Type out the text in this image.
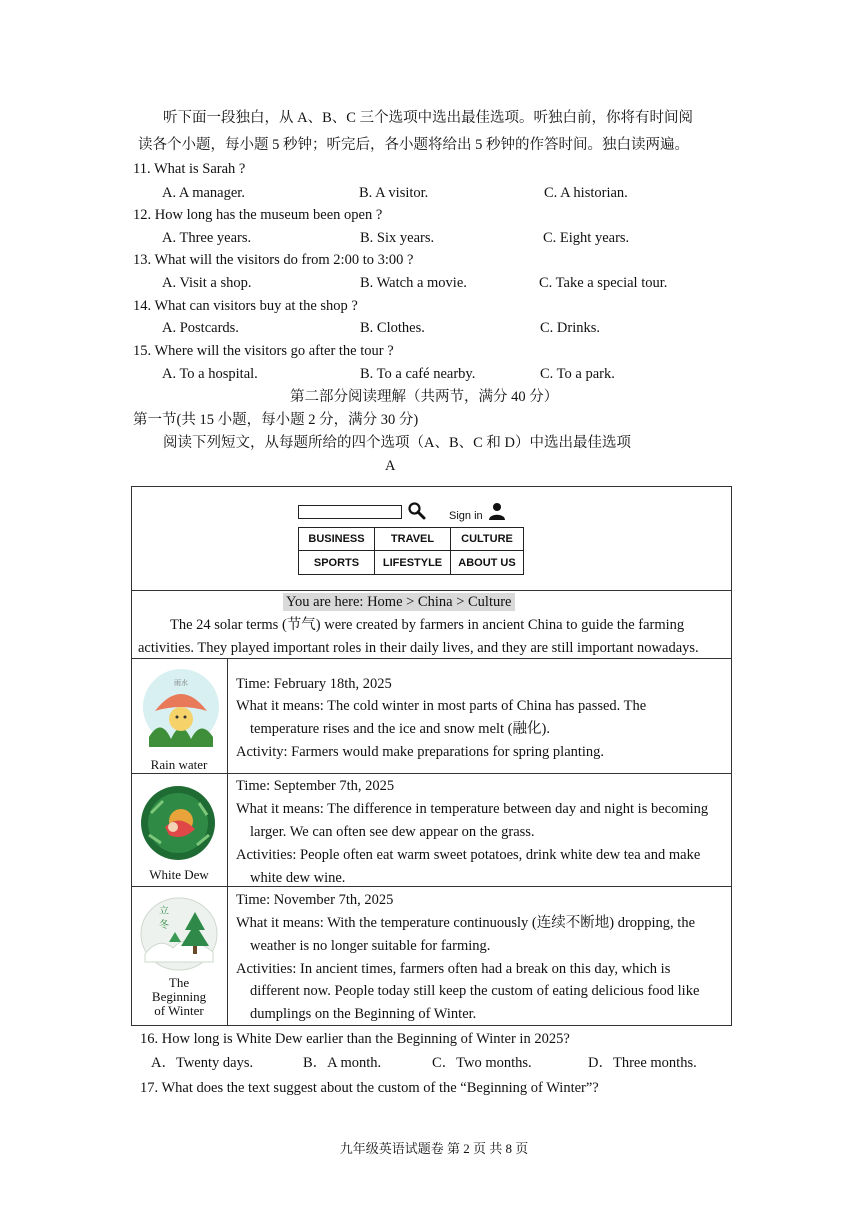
听下面一段独白，从 A、B、C 三个选项中选出最佳选项。听独白前，你将有时间阅
读各个小题，每小题 5 秒钟；听完后，各小题将给出 5 秒钟的作答时间。独白读两遍。
11. What is Sarah ?
A. A manager.	B. A visitor.	C. A historian.
12. How long has the museum been open ?
A. Three years.	B. Six years.	C. Eight years.
13. What will the visitors do from 2:00 to 3:00 ?
A. Visit a shop.	B. Watch a movie.	C. Take a special tour.
14. What can visitors buy at the shop ?
A. Postcards.	B. Clothes.	C. Drinks.
15. Where will the visitors go after the tour ?
A. To a hospital.	B. To a café nearby.	C. To a park.
第二部分阅读理解（共两节，满分 40 分）
第一节(共 15 小题，每小题 2 分，满分 30 分)
阅读下列短文，从每题所给的四个选项（A、B、C 和 D）中选出最佳选项
A
Sign in
BUSINESS	TRAVEL	CULTURE
SPORTS	LIFESTYLE	ABOUT US
You are here: Home > China > Culture
The 24 solar terms (节气) were created by farmers in ancient China to guide the farming
activities. They played important roles in their daily lives, and they are still important nowadays.
雨水
Rain water
Time: February 18th, 2025
What it means: The cold winter in most parts of China has passed. The
temperature rises and the ice and snow melt (融化).
Activity: Farmers would make preparations for spring planting.
White Dew
Time: September 7th, 2025
What it means: The difference in temperature between day and night is becoming
larger. We can often see dew appear on the grass.
Activities: People often eat warm sweet potatoes, drink white dew tea and make
white dew wine.
立
冬
The
Beginning
of Winter
Time: November 7th, 2025
What it means: With the temperature continuously (连续不断地) dropping, the
weather is no longer suitable for farming.
Activities: In ancient times, farmers often had a break on this day, which is
different now. People today still keep the custom of eating delicious food like
dumplings on the Beginning of Winter.
16. How long is White Dew earlier than the Beginning of Winter in 2025?
A．Twenty days.	B．A month.	C．Two months.	D．Three months.
17. What does the text suggest about the custom of the “Beginning of Winter”?
九年级英语试题卷 第 2 页 共 8 页
